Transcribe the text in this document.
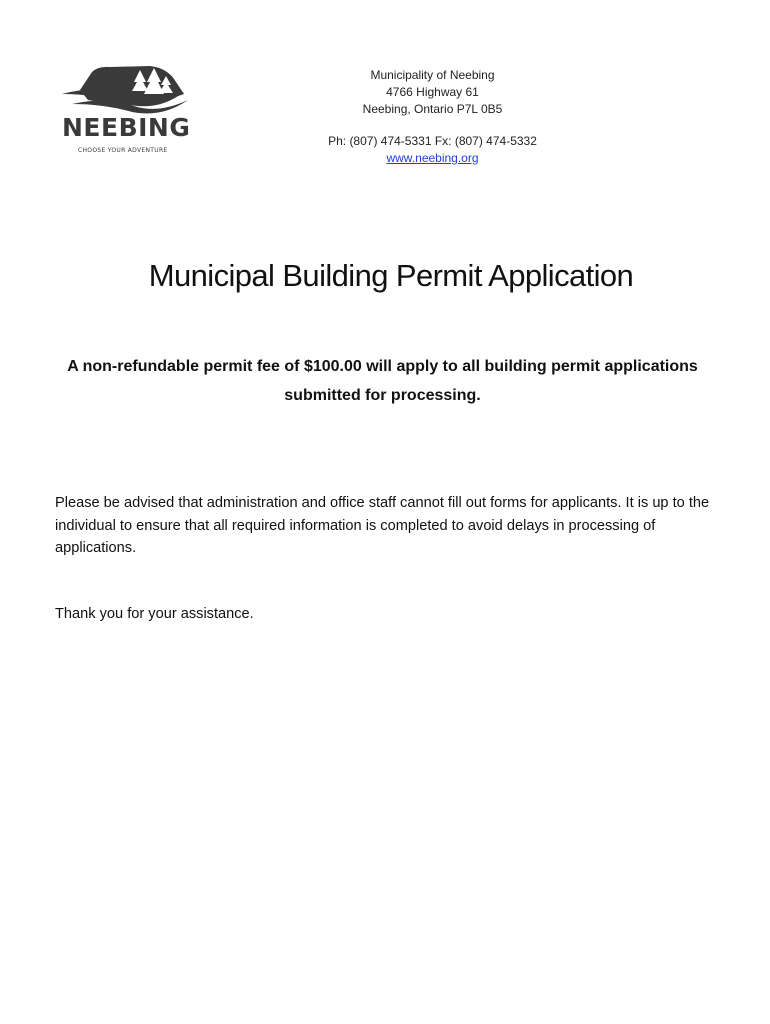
NEEBING
CHOOSE YOUR ADVENTURE
Municipality of Neebing
4766 Highway 61
Neebing, Ontario P7L 0B5
Ph: (807) 474-5331 Fx: (807) 474-5332
www.neebing.org
Municipal Building Permit Application
A non-refundable permit fee of $100.00 will apply to all building permit applications submitted for processing.

Please be advised that administration and office staff cannot fill out forms for applicants. It is up to the individual to ensure that all required information is completed to avoid delays in processing of applications.

Thank you for your assistance.
